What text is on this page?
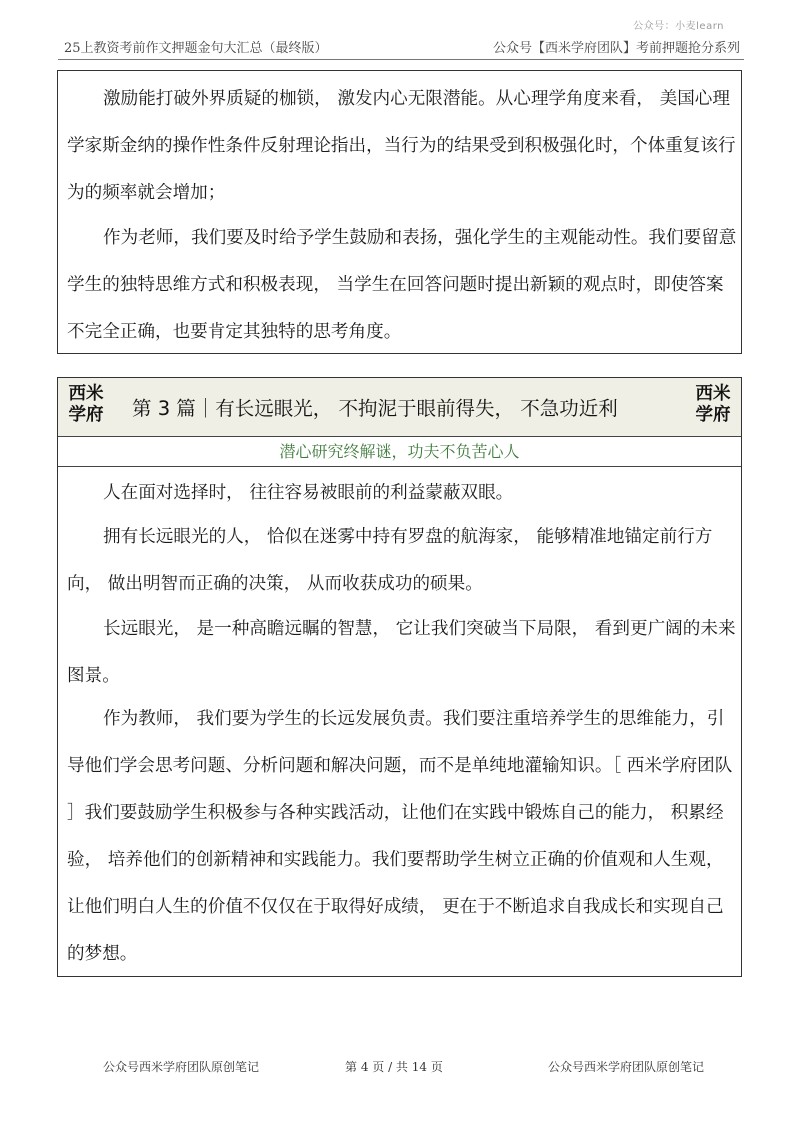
公众号：小麦learn
25上教资考前作文押题金句大汇总（最终版）	公众号【西米学府团队】考前押题抢分系列

激励能打破外界质疑的枷锁， 激发内心无限潜能。从心理学角度来看， 美国心理学家斯金纳的操作性条件反射理论指出，当行为的结果受到积极强化时，个体重复该行为的频率就会增加；

作为老师，我们要及时给予学生鼓励和表扬，强化学生的主观能动性。我们要留意学生的独特思维方式和积极表现， 当学生在回答问题时提出新颖的观点时，即使答案不完全正确，也要肯定其独特的思考角度。

西米
学府	第 3 篇｜有长远眼光， 不拘泥于眼前得失， 不急功近利
西米
学府
潜心研究终解谜，功夫不负苦心人

人在面对选择时， 往往容易被眼前的利益蒙蔽双眼。

拥有长远眼光的人， 恰似在迷雾中持有罗盘的航海家， 能够精准地锚定前行方向， 做出明智而正确的决策， 从而收获成功的硕果。

长远眼光， 是一种高瞻远瞩的智慧， 它让我们突破当下局限， 看到更广阔的未来图景。

作为教师， 我们要为学生的长远发展负责。我们要注重培养学生的思维能力，引导他们学会思考问题、分析问题和解决问题，而不是单纯地灌输知识。［ 西米学府团队 ］我们要鼓励学生积极参与各种实践活动，让他们在实践中锻炼自己的能力， 积累经验， 培养他们的创新精神和实践能力。我们要帮助学生树立正确的价值观和人生观， 让他们明白人生的价值不仅仅在于取得好成绩， 更在于不断追求自我成长和实现自己的梦想。

公众号西米学府团队原创笔记	第 4 页 / 共 14 页	公众号西米学府团队原创笔记
